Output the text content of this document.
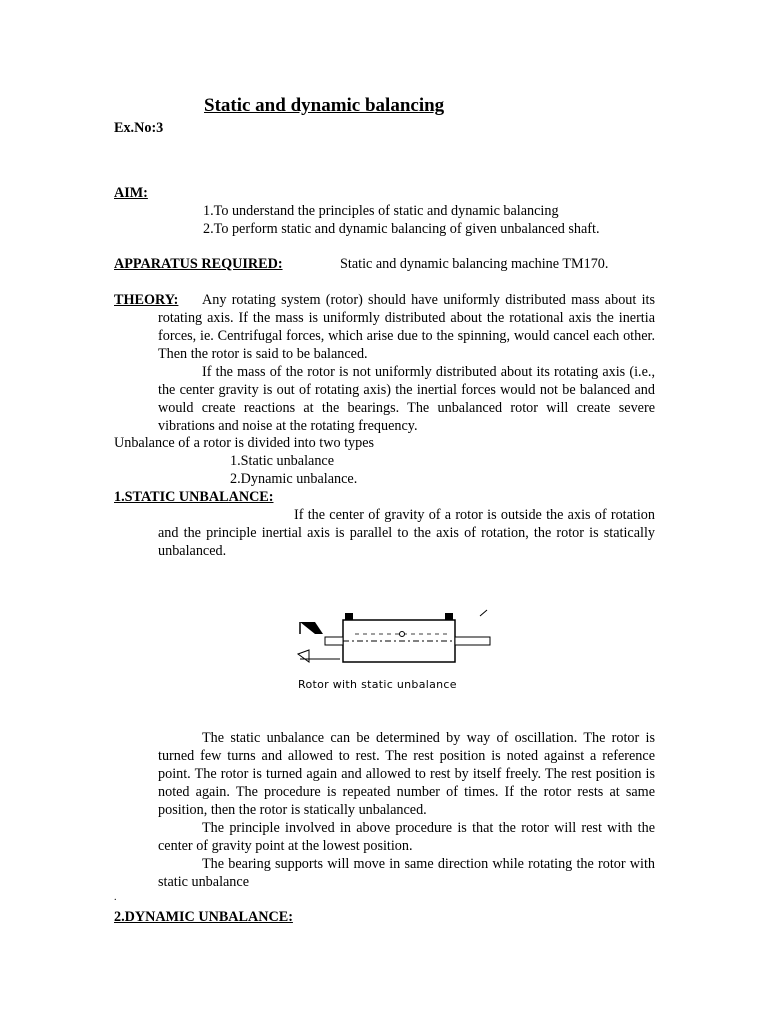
Static and dynamic balancing
Ex.No:3
AIM:
1.To understand the principles of static and dynamic balancing
2.To perform static and dynamic balancing of given unbalanced shaft.
APPARATUS REQUIRED:	Static and dynamic balancing machine TM170.
THEORY:	Any rotating system (rotor) should have uniformly distributed mass about its rotating axis. If the mass is uniformly distributed about the rotational axis the inertia forces, ie. Centrifugal forces, which arise due to the spinning, would cancel each other. Then the rotor is said to be balanced.
If the mass of the rotor is not uniformly distributed about its rotating axis (i.e., the center gravity is out of rotating axis) the inertial forces would not be balanced and would create reactions at the bearings. The unbalanced rotor will create severe vibrations and noise at the rotating frequency.
Unbalance of a rotor is divided into two types
1.Static unbalance
2.Dynamic unbalance.
1.STATIC UNBALANCE:
If the center of gravity of a rotor is outside the axis of rotation and the principle inertial axis is parallel to the axis of rotation, the rotor is statically unbalanced.
Rotor with static unbalance
The static unbalance can be determined by way of oscillation. The rotor is turned few turns and allowed to rest. The rest position is noted against a reference point. The rotor is turned again and allowed to rest by itself freely. The rest position is noted again. The procedure is repeated number of times. If the rotor rests at same position, then the rotor is statically unbalanced.
The principle involved in above procedure is that the rotor will rest with the center of gravity point at the lowest position.
The bearing supports will move in same direction while rotating the rotor with static unbalance
.
2.DYNAMIC UNBALANCE:
